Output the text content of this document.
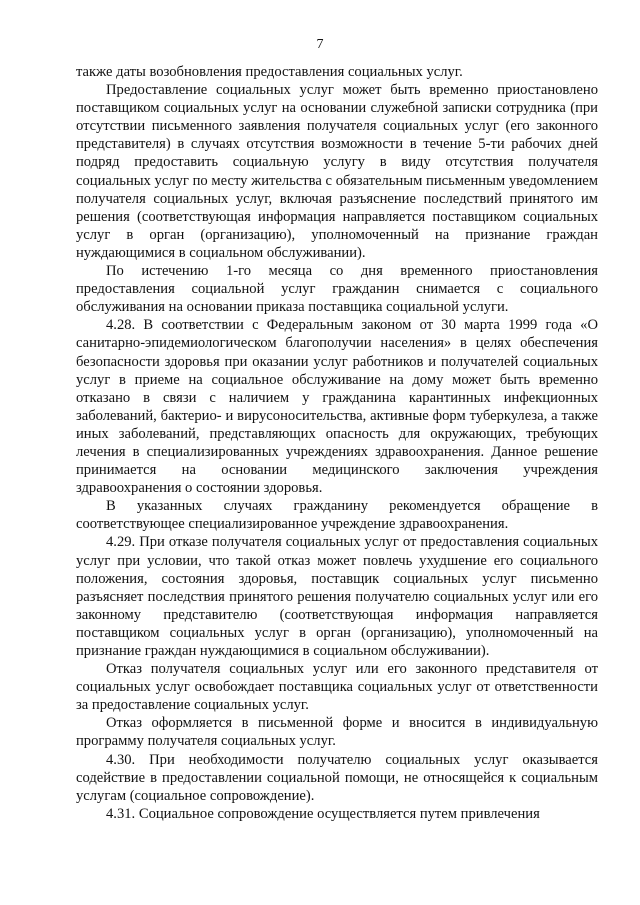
7

также даты возобновления предоставления социальных услуг.

Предоставление социальных услуг может быть временно приостановлено поставщиком социальных услуг на основании служебной записки сотрудника (при отсутствии письменного заявления получателя социальных услуг (его законного представителя) в случаях отсутствия возможности в течение 5-ти рабочих дней подряд предоставить социальную услугу в виду отсутствия получателя социальных услуг по месту жительства с обязательным письменным уведомлением получателя социальных услуг, включая разъяснение последствий принятого им решения (соответствующая информация направляется поставщиком социальных услуг в орган (организацию), уполномоченный на признание граждан нуждающимися в социальном обслуживании).

По истечению 1-го месяца со дня временного приостановления предоставления социальной услуг гражданин снимается с социального обслуживания на основании приказа поставщика социальной услуги.

4.28. В соответствии с Федеральным законом от 30 марта 1999 года «О санитарно-эпидемиологическом благополучии населения» в целях обеспечения безопасности здоровья при оказании услуг работников и получателей социальных услуг в приеме на социальное обслуживание на дому может быть временно отказано в связи с наличием у гражданина карантинных инфекционных заболеваний, бактерио- и вирусоносительства, активные форм туберкулеза, а также иных заболеваний, представляющих опасность для окружающих, требующих лечения в специализированных учреждениях здравоохранения. Данное решение принимается на основании медицинского заключения учреждения здравоохранения о состоянии здоровья.

В указанных случаях гражданину рекомендуется обращение в соответствующее специализированное учреждение здравоохранения.

4.29. При отказе получателя социальных услуг от предоставления социальных услуг при условии, что такой отказ может повлечь ухудшение его социального положения, состояния здоровья, поставщик социальных услуг письменно разъясняет последствия принятого решения получателю социальных услуг или его законному представителю (соответствующая информация направляется поставщиком социальных услуг в орган (организацию), уполномоченный на признание граждан нуждающимися в социальном обслуживании).

Отказ получателя социальных услуг или его законного представителя от социальных услуг освобождает поставщика социальных услуг от ответственности за предоставление социальных услуг.

Отказ оформляется в письменной форме и вносится в индивидуальную программу получателя социальных услуг.

4.30. При необходимости получателю социальных услуг оказывается содействие в предоставлении социальной помощи, не относящейся к социальным услугам (социальное сопровождение).

4.31. Социальное сопровождение осуществляется путем привлечения
